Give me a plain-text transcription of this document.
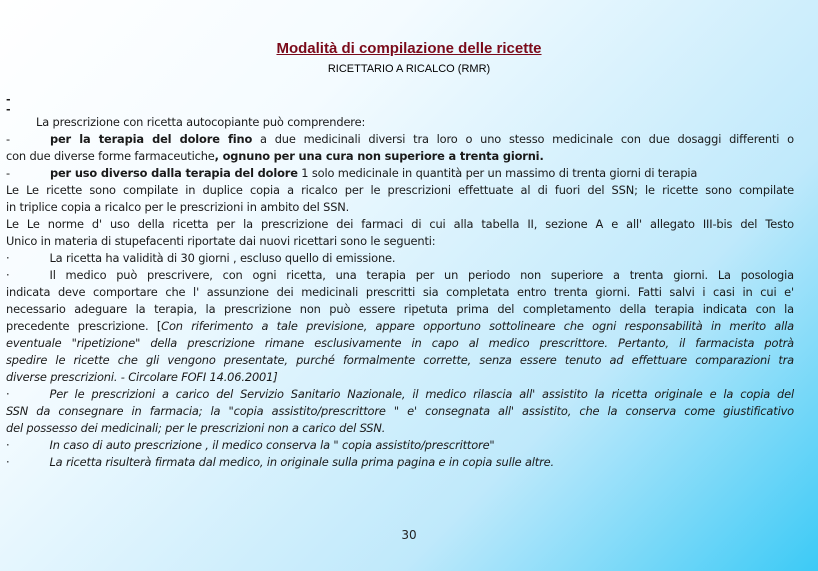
Modalità di compilazione delle ricette
RICETTARIO A RICALCO (RMR)
-
-
La prescrizione con ricetta autocopiante può comprendere:
-	per la terapia del dolore fino a due medicinali diversi tra loro o uno stesso medicinale con due dosaggi differenti o
con due diverse forme farmaceutiche, ognuno per una cura non superiore a trenta giorni.
-	per uso diverso dalla terapia del dolore 1 solo medicinale in quantità per un massimo di trenta giorni di terapia
Le Le ricette sono compilate in duplice copia a ricalco per le prescrizioni effettuate al di fuori del SSN; le ricette sono compilate
in triplice copia a ricalco per le prescrizioni in ambito del SSN.
Le Le norme d' uso della ricetta per la prescrizione dei farmaci di cui alla tabella II, sezione A e all' allegato III-bis del Testo
Unico in materia di stupefacenti riportate dai nuovi ricettari sono le seguenti:
·	La ricetta ha validità di 30 giorni , escluso quello di emissione.
·	Il medico può prescrivere, con ogni ricetta, una terapia per un periodo non superiore a trenta giorni. La posologia
indicata deve comportare che l' assunzione dei medicinali prescritti sia completata entro trenta giorni. Fatti salvi i casi in cui e'
necessario adeguare la terapia, la prescrizione non può essere ripetuta prima del completamento della terapia indicata con la
precedente prescrizione. [Con riferimento a tale previsione, appare opportuno sottolineare che ogni responsabilità in merito alla
eventuale "ripetizione" della prescrizione rimane esclusivamente in capo al medico prescrittore. Pertanto, il farmacista potrà
spedire le ricette che gli vengono presentate, purché formalmente corrette, senza essere tenuto ad effettuare comparazioni tra
diverse prescrizioni. - Circolare FOFI 14.06.2001]
·	Per le prescrizioni a carico del Servizio Sanitario Nazionale, il medico rilascia all' assistito la ricetta originale e la copia del
SSN da consegnare in farmacia; la "copia assistito/prescrittore " e' consegnata all' assistito, che la conserva come giustificativo
del possesso dei medicinali; per le prescrizioni non a carico del SSN.
·	In caso di auto prescrizione , il medico conserva la " copia assistito/prescrittore"
·	La ricetta risulterà firmata dal medico, in originale sulla prima pagina e in copia sulle altre.
30
